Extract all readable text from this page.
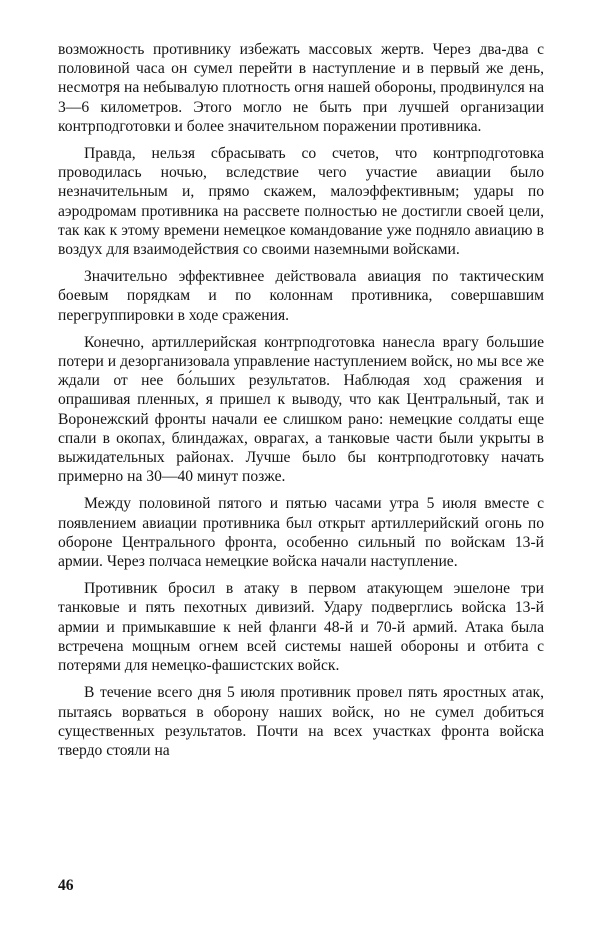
возможность противнику избежать массовых жертв. Через два-два с половиной часа он сумел перейти в наступление и в первый же день, несмотря на небывалую плотность огня нашей обороны, продвинулся на 3—6 километров. Этого могло не быть при лучшей организации контрподготовки и более значительном поражении противника.

Правда, нельзя сбрасывать со счетов, что контрподготовка проводилась ночью, вследствие чего участие авиации было незначительным и, прямо скажем, малоэффективным; удары по аэродромам противника на рассвете полностью не достигли своей цели, так как к этому времени немецкое командование уже подняло авиацию в воздух для взаимодействия со своими наземными войсками.

Значительно эффективнее действовала авиация по тактическим боевым порядкам и по колоннам противника, совершавшим перегруппировки в ходе сражения.

Конечно, артиллерийская контрподготовка нанесла врагу большие потери и дезорганизовала управление наступлением войск, но мы все же ждали от нее бо́льших результатов. Наблюдая ход сражения и опрашивая пленных, я пришел к выводу, что как Центральный, так и Воронежский фронты начали ее слишком рано: немецкие солдаты еще спали в окопах, блиндажах, оврагах, а танковые части были укрыты в выжидательных районах. Лучше было бы контрподготовку начать примерно на 30—40 минут позже.

Между половиной пятого и пятью часами утра 5 июля вместе с появлением авиации противника был открыт артиллерийский огонь по обороне Центрального фронта, особенно сильный по войскам 13-й армии. Через полчаса немецкие войска начали наступление.

Противник бросил в атаку в первом атакующем эшелоне три танковые и пять пехотных дивизий. Удару подверглись войска 13-й армии и примыкавшие к ней фланги 48-й и 70-й армий. Атака была встречена мощным огнем всей системы нашей обороны и отбита с потерями для немецко-фашистских войск.

В течение всего дня 5 июля противник провел пять яростных атак, пытаясь ворваться в оборону наших войск, но не сумел добиться существенных результатов. Почти на всех участках фронта войска твердо стояли на

46
